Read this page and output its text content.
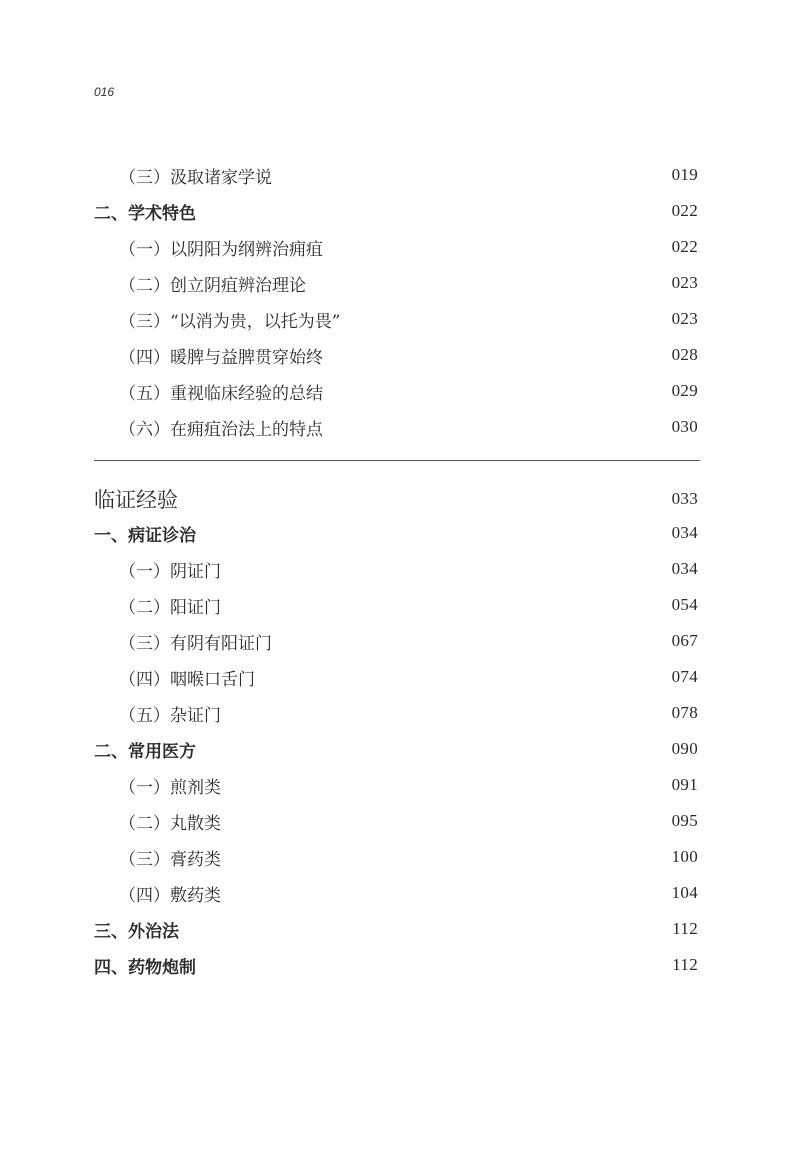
016
（三）汲取诸家学说	019
二、学术特色	022
（一）以阴阳为纲辨治痈疽	022
（二）创立阴疽辨治理论	023
（三）“以消为贵，以托为畏”	023
（四）暖脾与益脾贯穿始终	028
（五）重视临床经验的总结	029
（六）在痈疽治法上的特点	030
临证经验	033
一、病证诊治	034
（一）阴证门	034
（二）阳证门	054
（三）有阴有阳证门	067
（四）咽喉口舌门	074
（五）杂证门	078
二、常用医方	090
（一）煎剂类	091
（二）丸散类	095
（三）膏药类	100
（四）敷药类	104
三、外治法	112
四、药物炮制	112
